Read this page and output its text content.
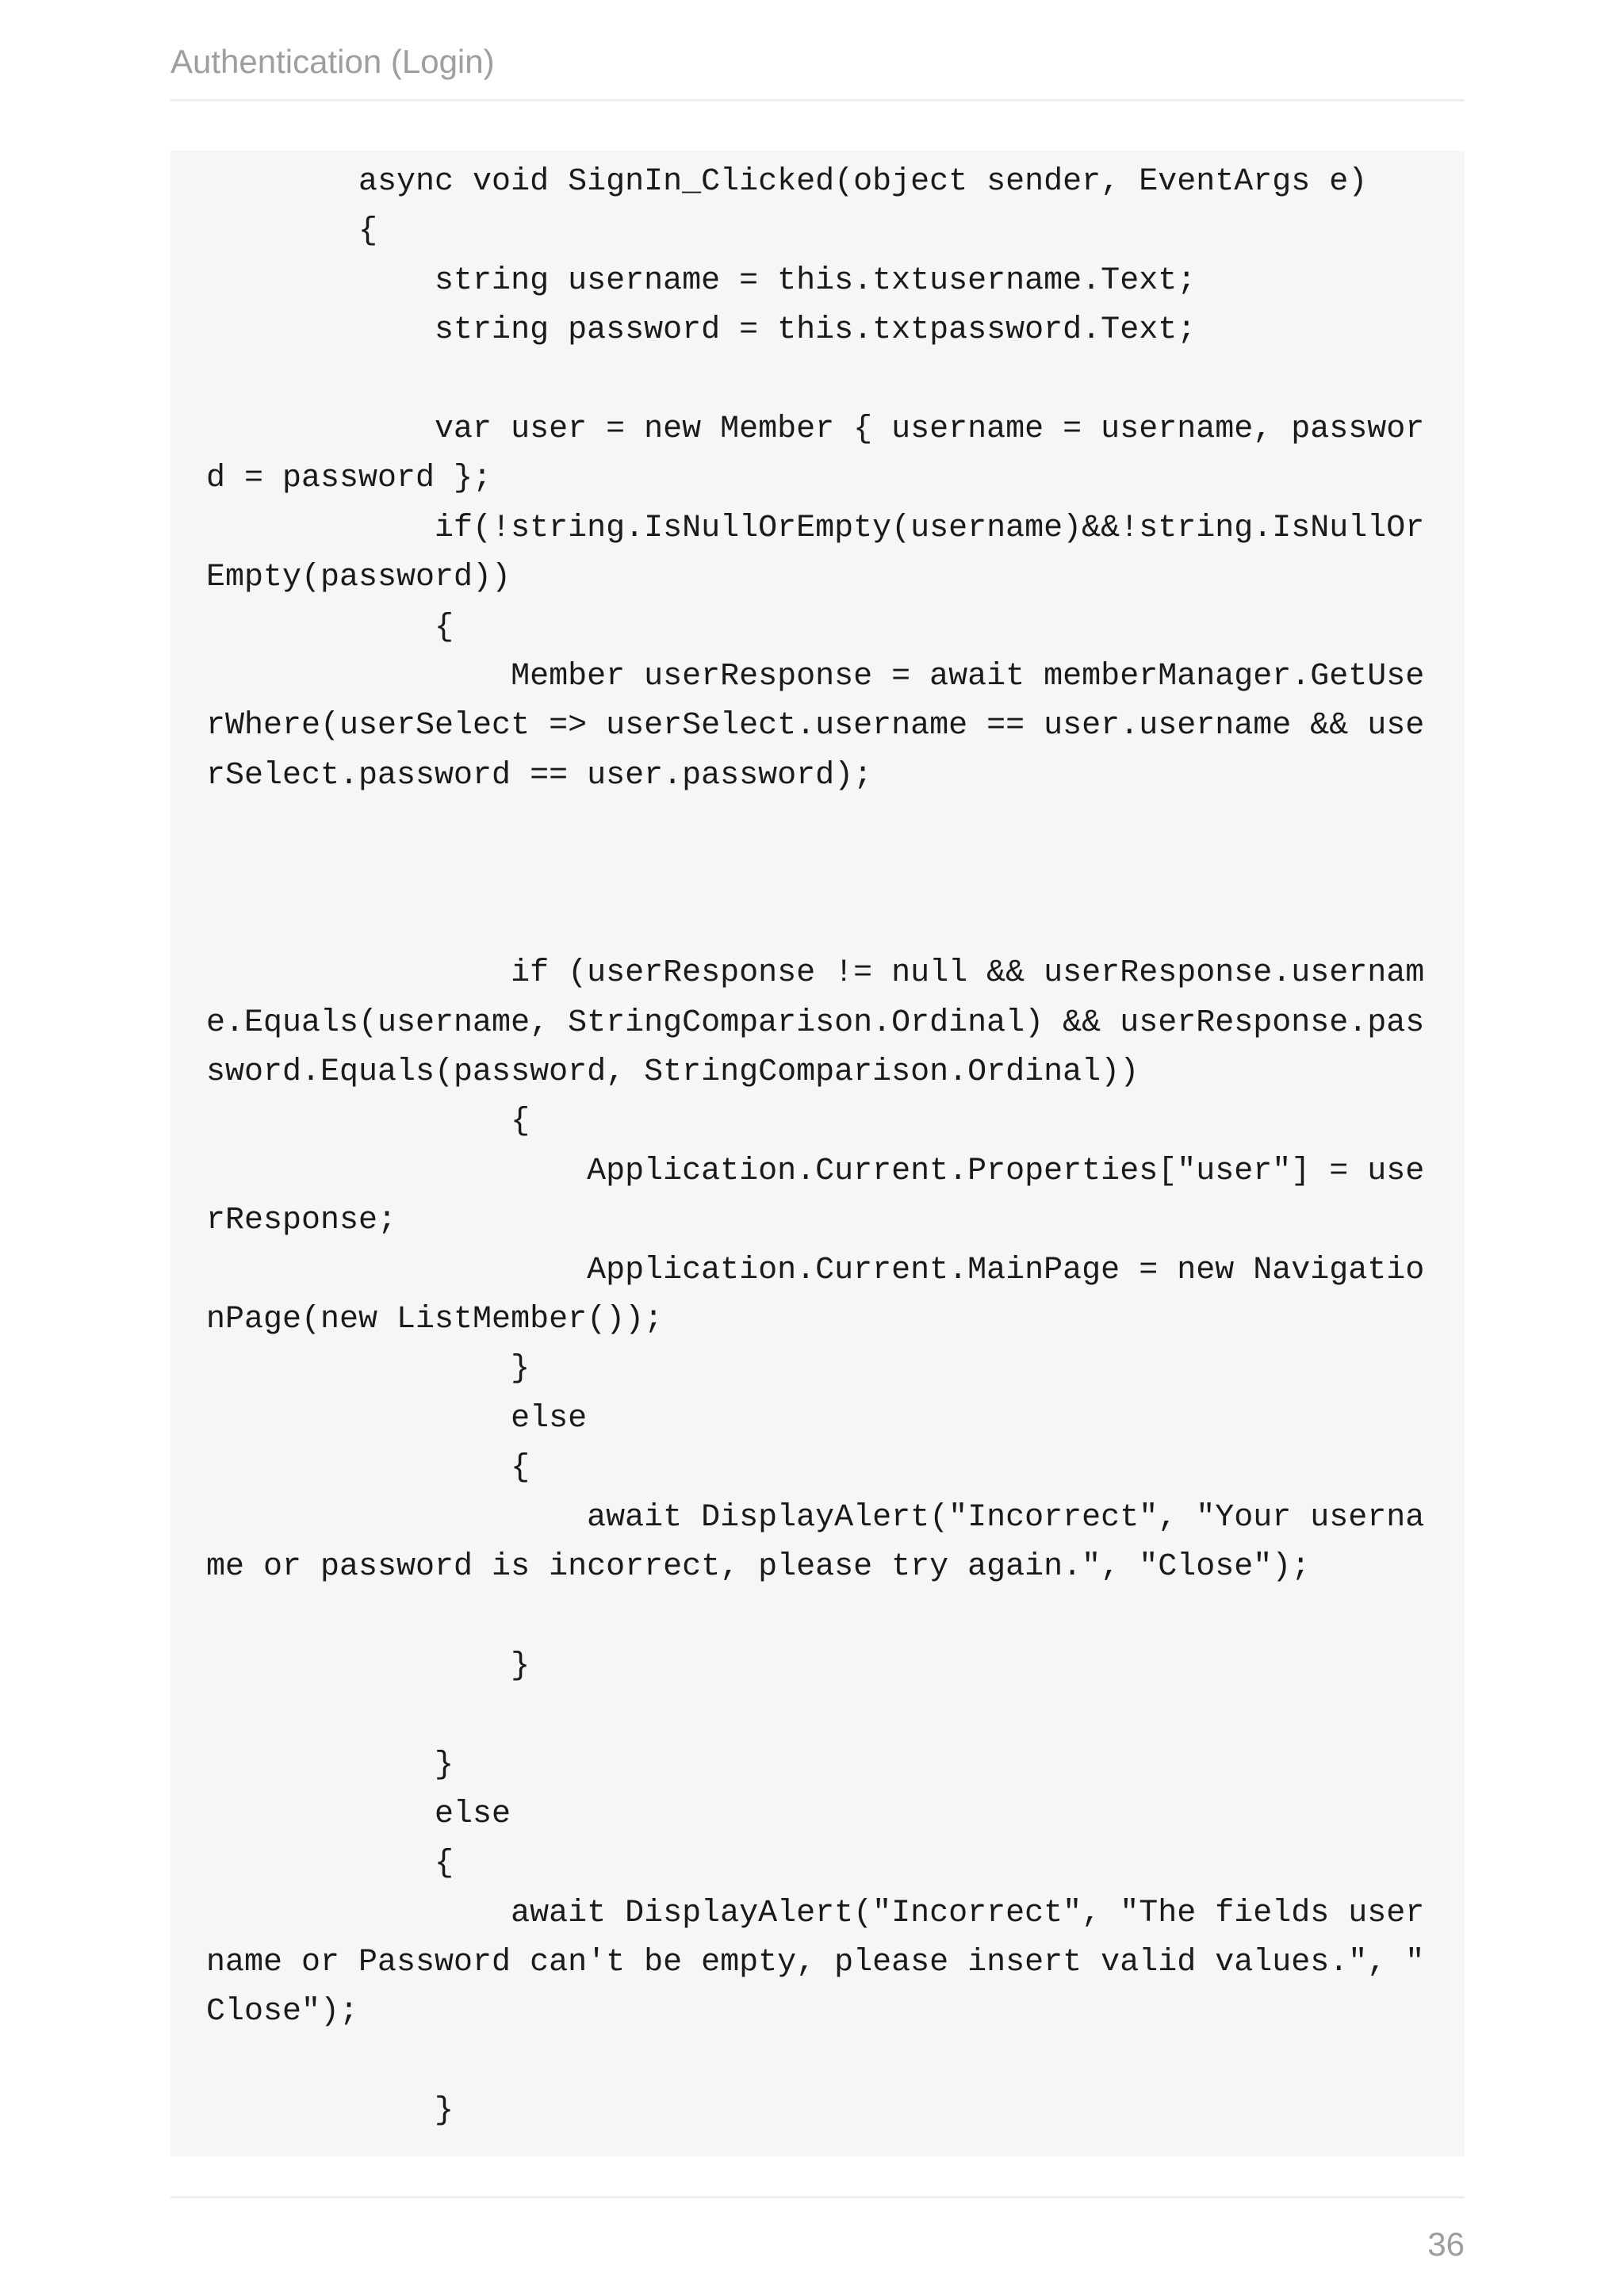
Authentication (Login)
async void SignIn_Clicked(object sender, EventArgs e)
{
string username = this.txtusername.Text;
string password = this.txtpassword.Text;
var user = new Member { username = username, passwor
d = password };
if(!string.IsNullOrEmpty(username)&&!string.IsNullOr
Empty(password))
{
Member userResponse = await memberManager.GetUse
rWhere(userSelect => userSelect.username == user.username && use
rSelect.password == user.password);
if (userResponse != null && userResponse.usernam
e.Equals(username, StringComparison.Ordinal) && userResponse.pas
sword.Equals(password, StringComparison.Ordinal))
{
Application.Current.Properties["user"] = use
rResponse;
Application.Current.MainPage = new Navigatio
nPage(new ListMember());
}
else
{
await DisplayAlert("Incorrect", "Your userna
me or password is incorrect, please try again.", "Close");
}
}
else
{
await DisplayAlert("Incorrect", "The fields user
name or Password can't be empty, please insert valid values.", "
Close");
}
36
